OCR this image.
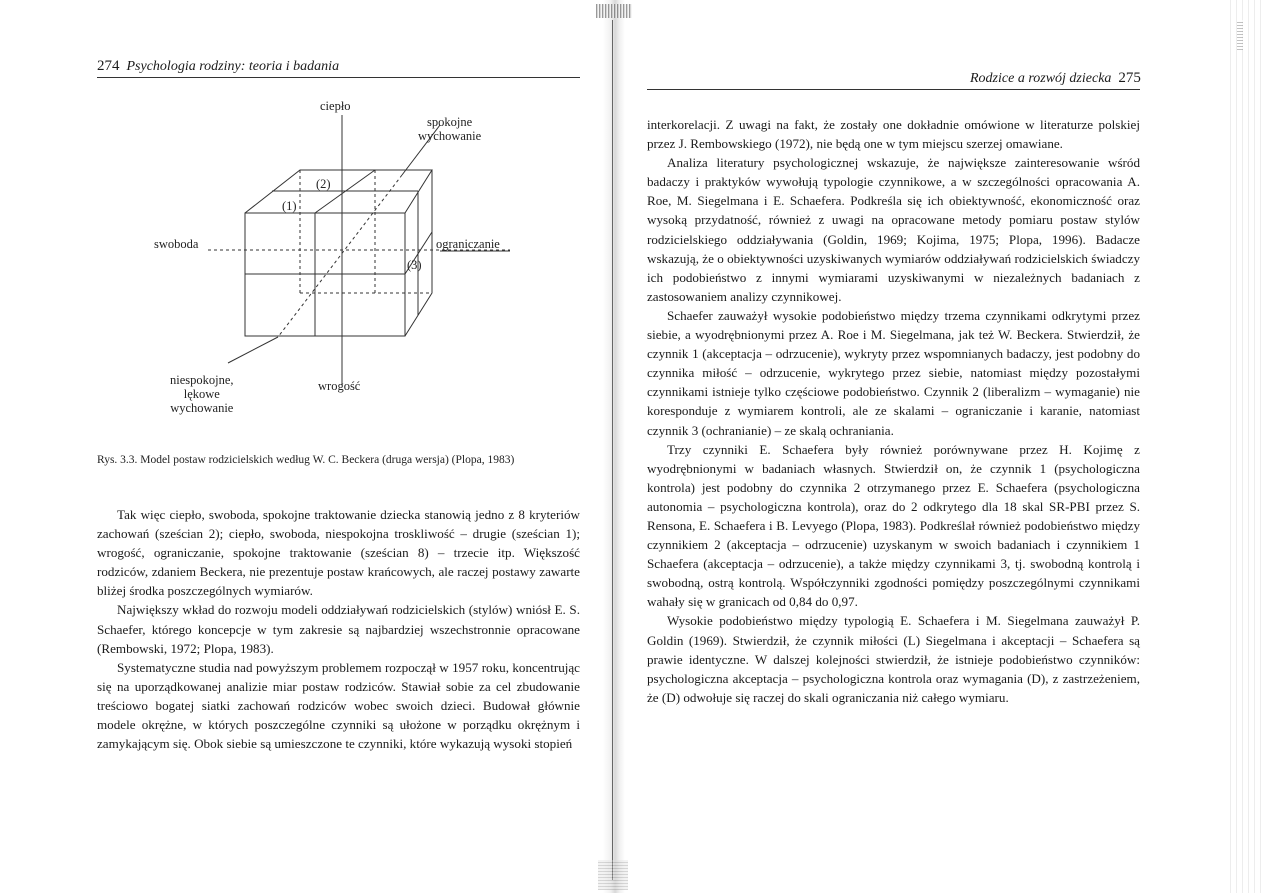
274 Psychologia rodziny: teoria i badania
ciepło
spokojne
wychowanie
swoboda	ograniczanie
niespokojne,
lękowe
wychowanie
wrogość
(1)
(2)
(3)
Rys. 3.3. Model postaw rodzicielskich według W. C. Beckera (druga wersja) (Plopa, 1983)

Tak więc ciepło, swoboda, spokojne traktowanie dziecka stanowią jedno z 8 kryteriów zachowań (sześcian 2); ciepło, swoboda, niespokojna troskliwość – drugie (sześcian 1); wrogość, ograniczanie, spokojne traktowanie (sześcian 8) – trzecie itp. Większość rodziców, zdaniem Beckera, nie prezentuje postaw krańcowych, ale raczej postawy zawarte bliżej środka poszczególnych wymiarów.

Największy wkład do rozwoju modeli oddziaływań rodzicielskich (stylów) wniósł E. S. Schaefer, którego koncepcje w tym zakresie są najbardziej wszechstronnie opracowane (Rembowski, 1972; Plopa, 1983).

Systematyczne studia nad powyższym problemem rozpoczął w 1957 roku, koncentrując się na uporządkowanej analizie miar postaw rodziców. Stawiał sobie za cel zbudowanie treściowo bogatej siatki zachowań rodziców wobec swoich dzieci. Budował głównie modele okrężne, w których poszczególne czynniki są ułożone w porządku okrężnym i zamykającym się. Obok siebie są umieszczone te czynniki, które wykazują wysoki stopień

Rodzice a rozwój dziecka 275

interkorelacji. Z uwagi na fakt, że zostały one dokładnie omówione w literaturze polskiej przez J. Rembowskiego (1972), nie będą one w tym miejscu szerzej omawiane.

Analiza literatury psychologicznej wskazuje, że największe zainteresowanie wśród badaczy i praktyków wywołują typologie czynnikowe, a w szczególności opracowania A. Roe, M. Siegelmana i E. Schaefera. Podkreśla się ich obiektywność, ekonomiczność oraz wysoką przydatność, również z uwagi na opracowane metody pomiaru postaw stylów rodzicielskiego oddziaływania (Goldin, 1969; Kojima, 1975; Plopa, 1996). Badacze wskazują, że o obiektywności uzyskiwanych wymiarów oddziaływań rodzicielskich świadczy ich podobieństwo z innymi wymiarami uzyskiwanymi w niezależnych badaniach z zastosowaniem analizy czynnikowej.

Schaefer zauważył wysokie podobieństwo między trzema czynnikami odkrytymi przez siebie, a wyodrębnionymi przez A. Roe i M. Siegelmana, jak też W. Beckera. Stwierdził, że czynnik 1 (akceptacja – odrzucenie), wykryty przez wspomnianych badaczy, jest podobny do czynnika miłość – odrzucenie, wykrytego przez siebie, natomiast między pozostałymi czynnikami istnieje tylko częściowe podobieństwo. Czynnik 2 (liberalizm – wymaganie) nie koresponduje z wymiarem kontroli, ale ze skalami – ograniczanie i karanie, natomiast czynnik 3 (ochranianie) – ze skalą ochraniania.

Trzy czynniki E. Schaefera były również porównywane przez H. Kojimę z wyodrębnionymi w badaniach własnych. Stwierdził on, że czynnik 1 (psychologiczna kontrola) jest podobny do czynnika 2 otrzymanego przez E. Schaefera (psychologiczna autonomia – psychologiczna kontrola), oraz do 2 odkrytego dla 18 skal SR-PBI przez S. Rensona, E. Schaefera i B. Levyego (Plopa, 1983). Podkreślał również podobieństwo między czynnikiem 2 (akceptacja – odrzucenie) uzyskanym w swoich badaniach i czynnikiem 1 Schaefera (akceptacja – odrzucenie), a także między czynnikami 3, tj. swobodną kontrolą i swobodną, ostrą kontrolą. Współczynniki zgodności pomiędzy poszczególnymi czynnikami wahały się w granicach od 0,84 do 0,97.

Wysokie podobieństwo między typologią E. Schaefera i M. Siegelmana zauważył P. Goldin (1969). Stwierdził, że czynnik miłości (L) Siegelmana i akceptacji – Schaefera są prawie identyczne. W dalszej kolejności stwierdził, że istnieje podobieństwo czynników: psychologiczna akceptacja – psychologiczna kontrola oraz wymagania (D), z zastrzeżeniem, że (D) odwołuje się raczej do skali ograniczania niż całego wymiaru.
